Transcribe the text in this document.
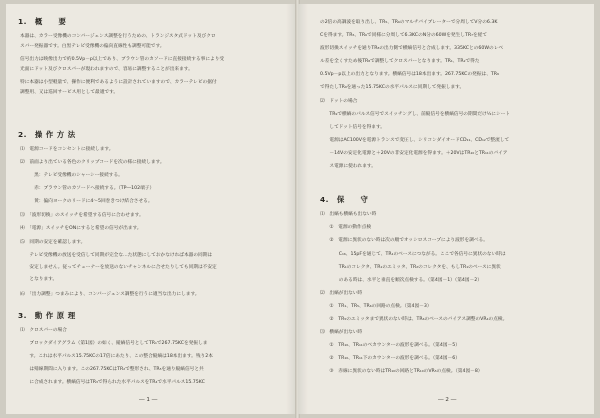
1.　概　　要
本器は、カラー受像機のコンバージェンス調整を行うための、トランジスタ式ドット及びクロ
スバー発振器です。白黒テレビ受像機の偏向直線性も調整可能です。
信号出力は映像出力で約0.5Vp－p以上であり、ブラウン管のカソードに直接接続する事により受
光面にドット及びクロスバーが現われますので、容易に調整することが出来ます。
特に本器は小型軽量で、操作に便利であるように設計されていますので、カラーテレビの据付
調整用、又は巡回サービス用として最適です。
2.　操 作 方 法
⑴　電源コードをコンセントに接続します。
⑵　前面より出ている各色のクリップコードを次の様に接続します。
　　　黒：テレビ受像機のシャーシー接続する。
　　　赤：ブラウン管のカソードへ接続する。（TP―102端子）
　　　黄：偏向ヨークのリードに4～5回巻きつけ結合させる。
⑶　「波形切換」のスイッチを希望する信号に合わせます。
⑷　「電源」スイッチをONにすると希望の信号が出ます。
⑸　同期の安定を確認します。
　　テレビ受像機の放送を受信して同期が完全な…た状態にしておかなければ本器の同期は
　　安定しません。従ってチューナーを放送のないチャンネルに合せたりしても同期は不安定
　　となります。
⑹　「出力調整」つまみにより、コンバージェンス調整を行うに適当な出力にします。
3.　動 作 原 理
⑴　クロスバーの場合
　　ブロックダイアグラム（第1図）の如く、縦縞信号としてTR₁で267.75KCを発振しま
　　す。これは水平パルス15.75KCの17倍にあたり、この整合縦縞は18本出ます。残り2本
　　は帰線期間に入ります。この267.75KCはTR₂で整形され、TR₅を通り縦縞信号と共
　　に合成されます。横縞信号はTR₃で得られた水平パルスをTR₄で水平パルス15.75KC
― 1 ―
の2倍の高調波を取り出し、TR₅、TR₆のマルチバイブレーターで分周してV分の6.3K
Cを得ます。TR₅、TR₆で同様に分周して6.3KCのN分の60Wを発生しTR₇を経て
波形切換スイッチを通りTR₈の出力側で横縞信号と合成します。335KCとの60Wのレベ
ル差を全くすため後TR₈で調整してクロスバーとなります。TR₁、TR₂で得た
0.5Vp－p以上の出力となります。横縞信号は18本出ます。267.75KCの発振は、TR₉
で得たしTR₉を通った15.75KCの水平パルスに同期して発振します。
⑵　ドットの場合
　　TR₉で横縞のパルス信号でスイッチングし、前縦信号を横縞信号の期間だけ½にシート
　　してドット信号を得ます。
　　電源はAC100Vを電源トランスで変圧し、シリコンダイオードCD₁₁、CD₁₂で整流して
　　－14Vの安定化電源と＋20Vの非安定化電源を得ます。＋20VはTR₁₀とTR₁₁のバイア
　　ス電源に使われます。
4.　保　　守
⑴　出縞も横縞も出ない時
　　①　電源の動作点検
　　②　電源に異状のない時は次の順でオッシロスコープにより波形を調べる。
　　　　C₁₆、15pFを通じて、TR₁のベースにつながる。ここで各信号に異状のない時は
　　　　TR₁のコレクタ、TR₁のエミッタ、TR₂のコレクタを、もしTR₁のベースに異状
　　　　のある時は、水平と垂直を順次点検する。（第4図－1）（第4図－2）
⑵　出縞が出ない時
　　①　TR₁、TR₅、TR₆の回路の点検。（第4図－3）
　　②　TR₅のエミッタまで異状のない時は、TR₆のベースのバイアス調整のVR₄の点検。
⑶　横縞が出ない時
　　①　TR₁₀、TR₁₁のベカウンターの波形を調べる。（第4図－5）
　　②　TR₁₀、TR₁₁下のカウンターの波形を調べる。（第4図－6）
　　③　赤線に異状のない時はTR₁₀の回路とTR₁₀のVR₅の点検。（第4図－8）
― 2 ―
